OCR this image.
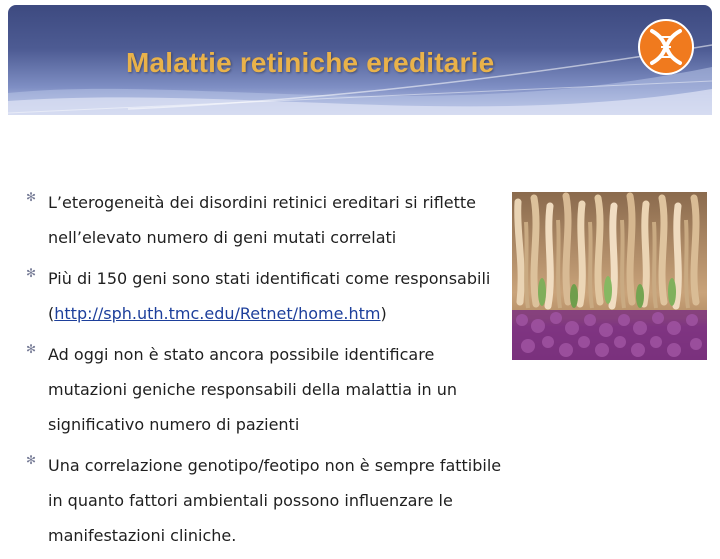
Malattie retiniche ereditarie
✻ L’eterogeneità dei disordini retinici ereditari si riflette nell’elevato numero di geni mutati correlati
✻ Più di 150 geni sono stati identificati come responsabili (http://sph.uth.tmc.edu/Retnet/home.htm)
✻ Ad oggi non è stato ancora possibile identificare mutazioni geniche responsabili della malattia in un significativo numero di pazienti
✻ Una correlazione genotipo/feotipo non è sempre fattibile in quanto fattori ambientali possono influenzare le manifestazioni cliniche.
